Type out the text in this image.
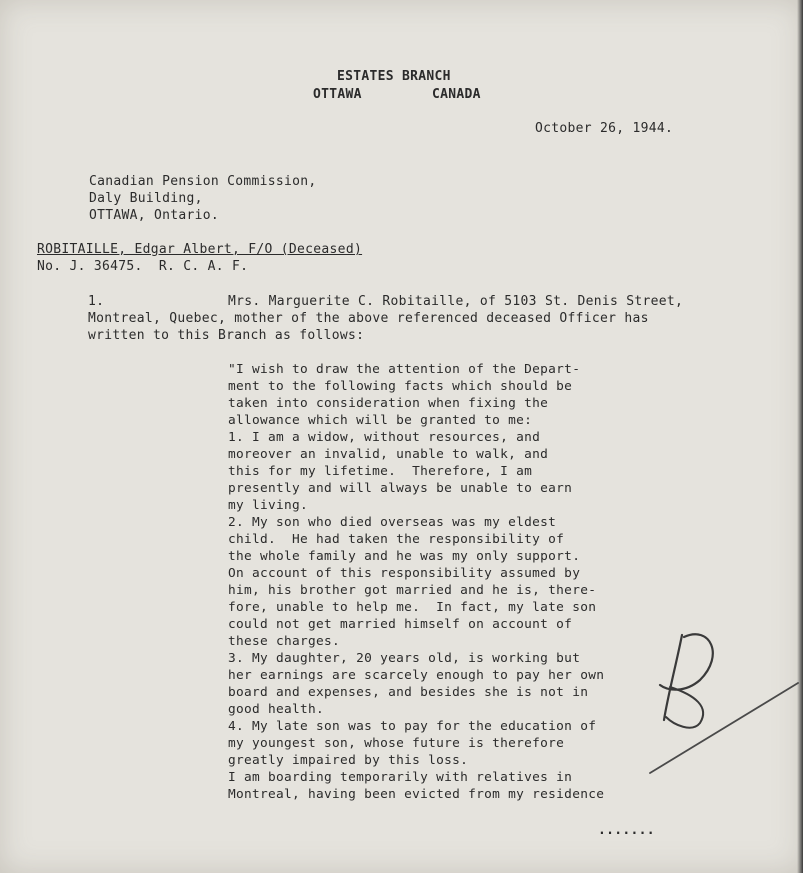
ESTATES BRANCH
OTTAWA	CANADA
October 26, 1944.
Canadian Pension Commission,
Daly Building,
OTTAWA, Ontario.
ROBITAILLE, Edgar Albert, F/O (Deceased)
No. J. 36475.  R. C. A. F.
1.	Mrs. Marguerite C. Robitaille, of 5103 St. Denis Street,
Montreal, Quebec, mother of the above referenced deceased Officer has
written to this Branch as follows:
"I wish to draw the attention of the Depart-
ment to the following facts which should be
taken into consideration when fixing the
allowance which will be granted to me:
1. I am a widow, without resources, and
moreover an invalid, unable to walk, and
this for my lifetime.  Therefore, I am
presently and will always be unable to earn
my living.
2. My son who died overseas was my eldest
child.  He had taken the responsibility of
the whole family and he was my only support.
On account of this responsibility assumed by
him, his brother got married and he is, there-
fore, unable to help me.  In fact, my late son
could not get married himself on account of
these charges.
3. My daughter, 20 years old, is working but
her earnings are scarcely enough to pay her own
board and expenses, and besides she is not in
good health.
4. My late son was to pay for the education of
my youngest son, whose future is therefore
greatly impaired by this loss.
I am boarding temporarily with relatives in
Montreal, having been evicted from my residence
.......
